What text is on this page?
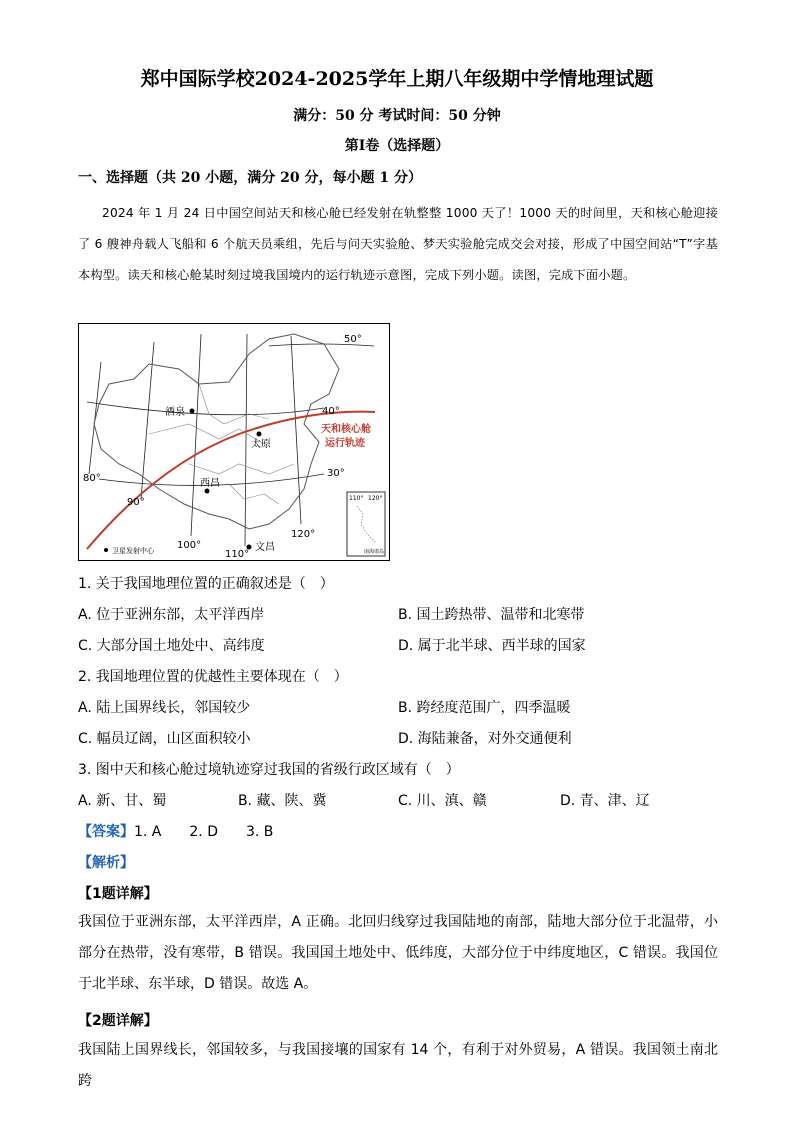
郑中国际学校2024-2025学年上期八年级期中学情地理试题
满分：50 分 考试时间：50 分钟
第Ⅰ卷（选择题）
一、选择题（共 20 小题，满分 20 分，每小题 1 分）
2024 年 1 月 24 日中国空间站天和核心舱已经发射在轨整整 1000 天了！1000 天的时间里，天和核心舱迎接了 6 艘神舟载人飞船和 6 个航天员乘组，先后与问天实验舱、梦天实验舱完成交会对接，形成了中国空间站“T”字基本构型。读天和核心舱某时刻过境我国境内的运行轨迹示意图，完成下列小题。读图，完成下面小题。
酒泉
太原
西昌
文昌
50°
40°
30°
80°
90°
100°
110°
120°
天和核心舱
运行轨迹
卫星发射中心
110° 120°
南海诸岛
1. 关于我国地理位置的正确叙述是（　）
A. 位于亚洲东部，太平洋西岸	B. 国土跨热带、温带和北寒带
C. 大部分国土地处中、高纬度	D. 属于北半球、西半球的国家
2. 我国地理位置的优越性主要体现在（　）
A. 陆上国界线长，邻国较少	B. 跨经度范围广，四季温暖
C. 幅员辽阔，山区面积较小	D. 海陆兼备，对外交通便利
3. 图中天和核心舱过境轨迹穿过我国的省级行政区域有（　）
A. 新、甘、蜀	B. 藏、陕、冀	C. 川、滇、赣	D. 青、津、辽
【答案】1. A　　2. D　　3. B
【解析】
【1题详解】
我国位于亚洲东部，太平洋西岸，A 正确。北回归线穿过我国陆地的南部，陆地大部分位于北温带，小部分在热带，没有寒带，B 错误。我国国土地处中、低纬度，大部分位于中纬度地区，C 错误。我国位于北半球、东半球，D 错误。故选 A。
【2题详解】
我国陆上国界线长，邻国较多，与我国接壤的国家有 14 个，有利于对外贸易，A 错误。我国领土南北跨
